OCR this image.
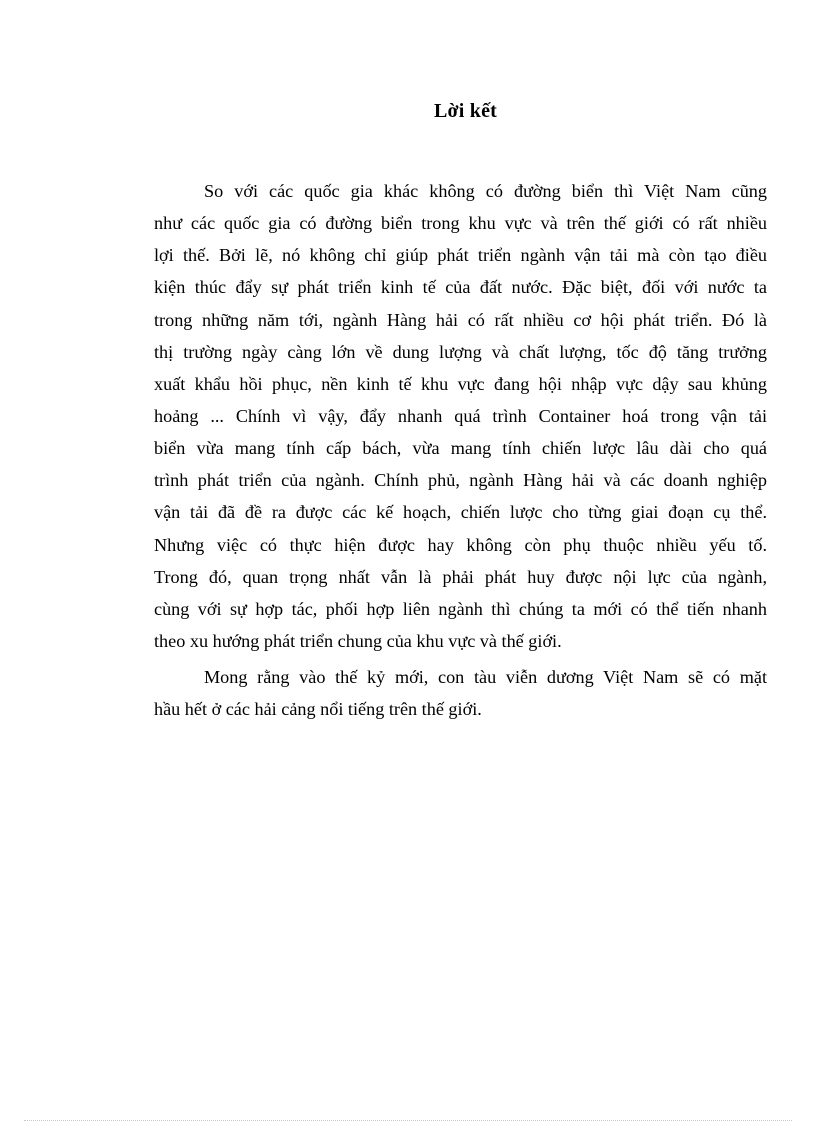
Lời kết
So với các quốc gia khác không có đường biển thì Việt Nam cũng
như các quốc gia có đường biển trong khu vực và trên thế giới có rất nhiều
lợi thế. Bởi lẽ, nó không chỉ giúp phát triển ngành vận tải mà còn tạo điều
kiện thúc đẩy sự phát triển kinh tế của đất nước. Đặc biệt, đối với nước ta
trong những năm tới, ngành Hàng hải có rất nhiều cơ hội phát triển. Đó là
thị trường ngày càng lớn về dung lượng và chất lượng, tốc độ tăng trưởng
xuất khẩu hồi phục, nền kinh tế khu vực đang hội nhập vực dậy sau khủng
hoảng ... Chính vì vậy, đẩy nhanh quá trình Container hoá trong vận tải
biển vừa mang tính cấp bách, vừa mang tính chiến lược lâu dài cho quá
trình phát triển của ngành. Chính phủ, ngành Hàng hải và các doanh nghiệp
vận tải đã đề ra được các kế hoạch, chiến lược cho từng giai đoạn cụ thể.
Nhưng việc có thực hiện được hay không còn phụ thuộc nhiều yếu tố.
Trong đó, quan trọng nhất vẫn là phải phát huy được nội lực của ngành,
cùng với sự hợp tác, phối hợp liên ngành thì chúng ta mới có thể tiến nhanh
theo xu hướng phát triển chung của khu vực và thế giới.
Mong rằng vào thế kỷ mới, con tàu viễn dương Việt Nam sẽ có mặt
hầu hết ở các hải cảng nổi tiếng trên thế giới.
